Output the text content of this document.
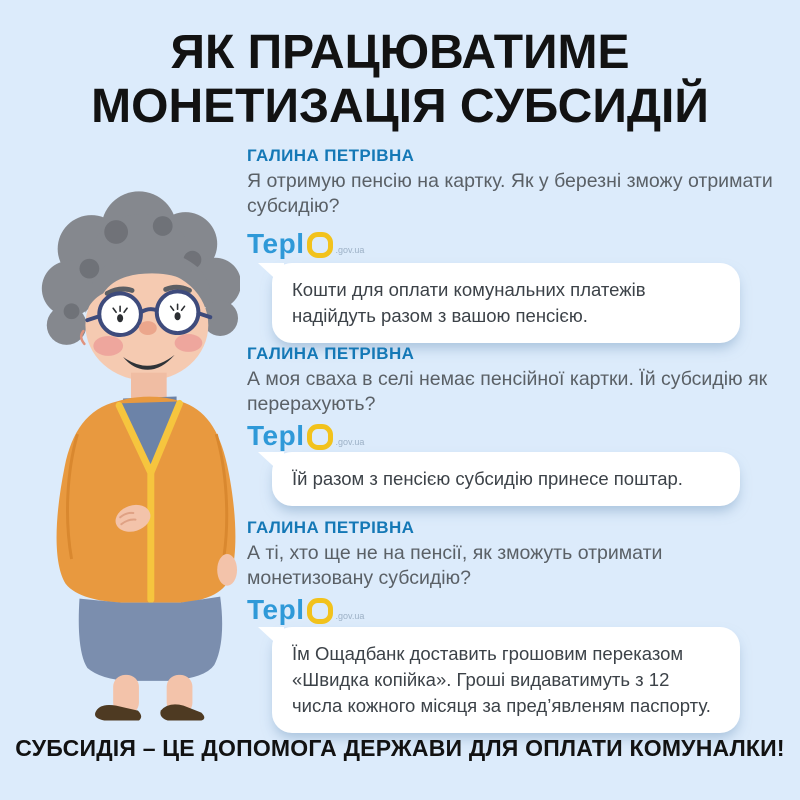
ЯК ПРАЦЮВАТИМЕ МОНЕТИЗАЦІЯ СУБСИДІЙ
ГАЛИНА ПЕТРІВНА
Я отримую пенсію на картку. Як у березні зможу отримати субсидію?
Tepl	.gov.ua
Кошти для оплати комунальних платежів надійдуть разом з вашою пенсією.
ГАЛИНА ПЕТРІВНА
А моя сваха в селі немає пенсійної картки. Їй субсидію як перерахують?
Tepl	.gov.ua
Їй разом з пенсією субсидію принесе поштар.
ГАЛИНА ПЕТРІВНА
А ті, хто ще не на пенсії, як зможуть отримати монетизовану субсидію?
Tepl	.gov.ua
Їм Ощадбанк доставить грошовим переказом «Швидка копійка». Гроші видаватимуть з 12 числа кожного місяця за пред’явленям паспорту.
СУБСИДІЯ – ЦЕ ДОПОМОГА ДЕРЖАВИ ДЛЯ ОПЛАТИ КОМУНАЛКИ!
